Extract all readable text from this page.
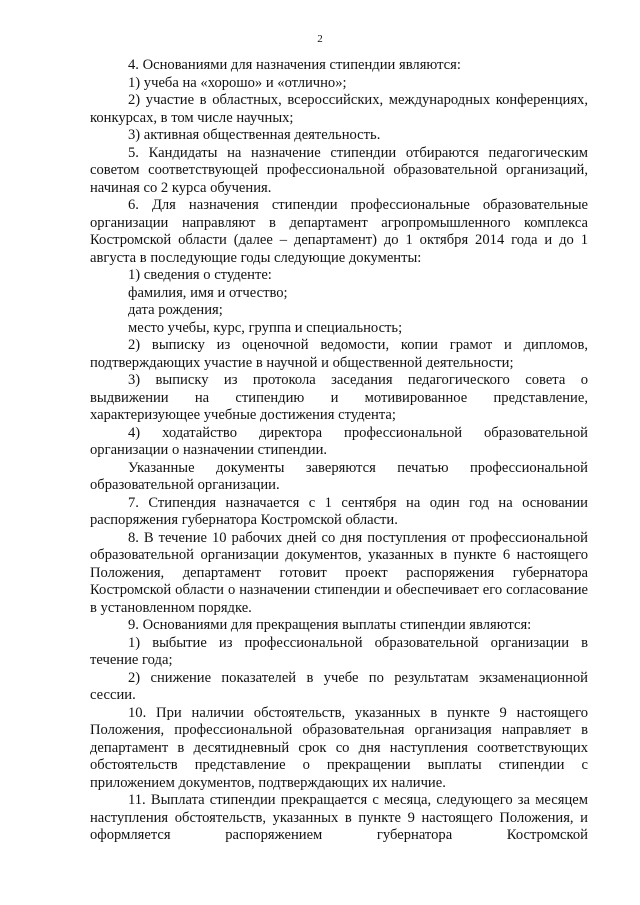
2

4. Основаниями для назначения стипендии являются:

1) учеба на «хорошо» и «отлично»;

2) участие в областных, всероссийских, международных конференциях, конкурсах, в том числе научных;

3) активная общественная деятельность.

5. Кандидаты на назначение стипендии отбираются педагогическим советом соответствующей профессиональной образовательной организаций, начиная со 2 курса обучения.

6. Для назначения стипендии профессиональные образовательные организации направляют в департамент агропромышленного комплекса Костромской области (далее – департамент) до 1 октября 2014 года и до 1 августа в последующие годы следующие документы:

1) сведения о студенте:

фамилия, имя и отчество;

дата рождения;

место учебы, курс, группа и специальность;

2) выписку из оценочной ведомости, копии грамот и дипломов, подтверждающих участие в научной и общественной деятельности;

3) выписку из протокола заседания педагогического совета о выдвижении на стипендию и мотивированное представление, характеризующее учебные достижения студента;

4) ходатайство директора профессиональной образовательной организации о назначении стипендии.

Указанные документы заверяются печатью профессиональной образовательной организации.

7. Стипендия назначается с 1 сентября на один год на основании распоряжения губернатора Костромской области.

8. В течение 10 рабочих дней со дня поступления от профессиональной образовательной организации документов, указанных в пункте 6 настоящего Положения, департамент готовит проект распоряжения губернатора Костромской области о назначении стипендии и обеспечивает его согласование в установленном порядке.

9. Основаниями для прекращения выплаты стипендии являются:

1) выбытие из профессиональной образовательной организации в течение года;

2) снижение показателей в учебе по результатам экзаменационной сессии.

10. При наличии обстоятельств, указанных в пункте 9 настоящего Положения, профессиональной образовательная организация направляет в департамент в десятидневный срок со дня наступления соответствующих обстоятельств представление о прекращении выплаты стипендии с приложением документов, подтверждающих их наличие.

11. Выплата стипендии прекращается с месяца, следующего за месяцем наступления обстоятельств, указанных в пункте 9 настоящего Положения, и оформляется распоряжением губернатора Костромской
